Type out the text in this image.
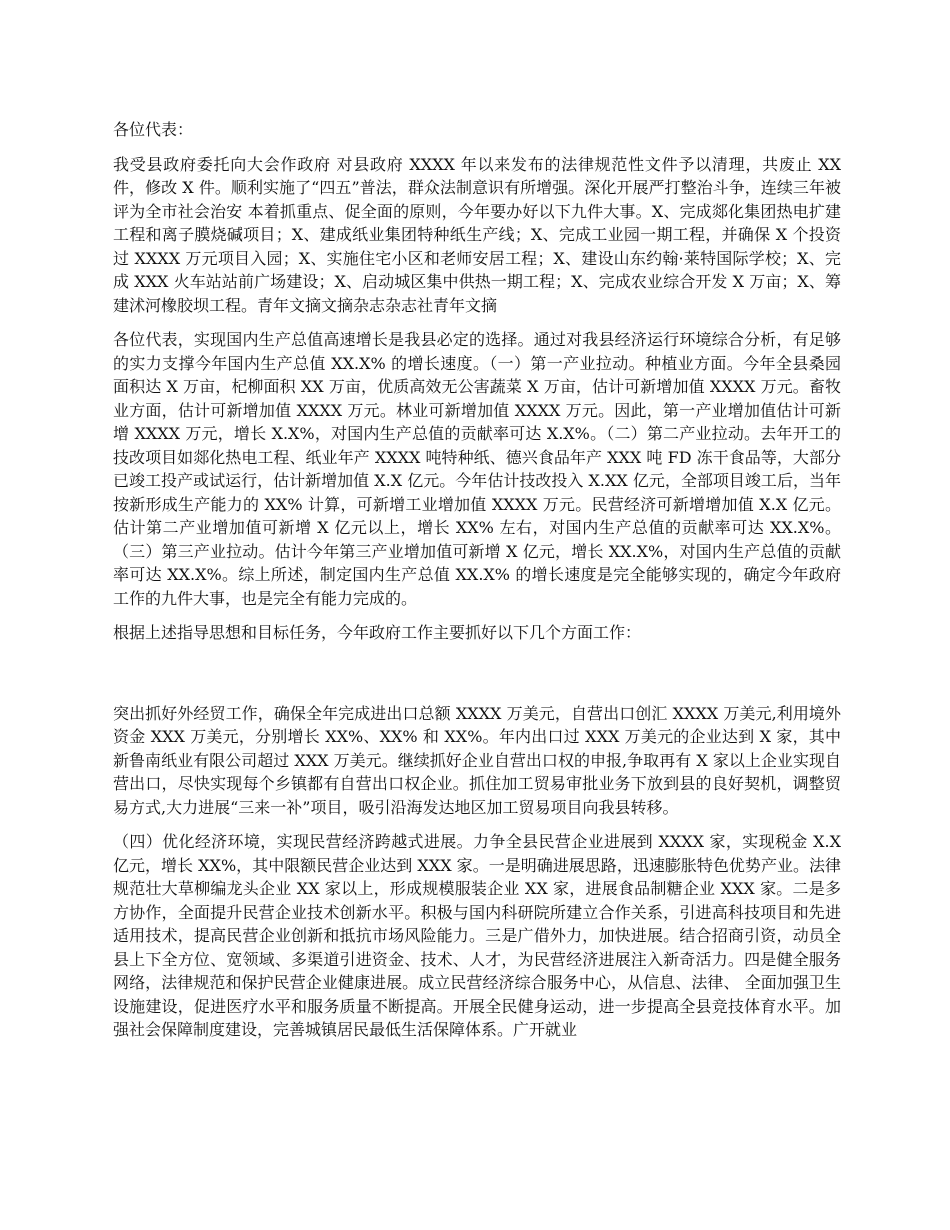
各位代表：

我受县政府委托向大会作政府 对县政府 XXXX 年以来发布的法律规范性文件予以清理，共废止 XX 件，修改 X 件。顺利实施了“四五”普法，群众法制意识有所增强。深化开展严打整治斗争，连续三年被评为全市社会治安 本着抓重点、促全面的原则，今年要办好以下九件大事。X、完成郯化集团热电扩建工程和离子膜烧碱项目；X、建成纸业集团特种纸生产线；X、完成工业园一期工程，并确保 X 个投资过 XXXX 万元项目入园；X、实施住宅小区和老师安居工程；X、建设山东约翰·莱特国际学校；X、完成 XXX 火车站站前广场建设；X、启动城区集中供热一期工程；X、完成农业综合开发 X 万亩；X、筹建沭河橡胶坝工程。青年文摘文摘杂志杂志社青年文摘

各位代表，实现国内生产总值高速增长是我县必定的选择。通过对我县经济运行环境综合分析，有足够的实力支撑今年国内生产总值 XX.X% 的增长速度。（一）第一产业拉动。种植业方面。今年全县桑园面积达 X 万亩，杞柳面积 XX 万亩，优质高效无公害蔬菜 X 万亩，估计可新增加值 XXXX 万元。畜牧业方面，估计可新增加值 XXXX 万元。林业可新增加值 XXXX 万元。因此，第一产业增加值估计可新增 XXXX 万元，增长 X.X%，对国内生产总值的贡献率可达 X.X%。（二）第二产业拉动。去年开工的技改项目如郯化热电工程、纸业年产 XXXX 吨特种纸、德兴食品年产 XXX 吨 FD 冻干食品等，大部分已竣工投产或试运行，估计新增加值 X.X 亿元。今年估计技改投入 X.XX 亿元，全部项目竣工后，当年按新形成生产能力的 XX% 计算，可新增工业增加值 XXXX 万元。民营经济可新增增加值 X.X 亿元。估计第二产业增加值可新增 X 亿元以上，增长 XX% 左右，对国内生产总值的贡献率可达 XX.X%。（三）第三产业拉动。估计今年第三产业增加值可新增 X 亿元，增长 XX.X%，对国内生产总值的贡献率可达 XX.X%。综上所述，制定国内生产总值 XX.X% 的增长速度是完全能够实现的，确定今年政府工作的九件大事，也是完全有能力完成的。

根据上述指导思想和目标任务，今年政府工作主要抓好以下几个方面工作：

突出抓好外经贸工作，确保全年完成进出口总额 XXXX 万美元，自营出口创汇 XXXX 万美元,利用境外资金 XXX 万美元，分别增长 XX%、XX% 和 XX%。年内出口过 XXX 万美元的企业达到 X 家，其中新鲁南纸业有限公司超过 XXX 万美元。继续抓好企业自营出口权的申报,争取再有 X 家以上企业实现自营出口，尽快实现每个乡镇都有自营出口权企业。抓住加工贸易审批业务下放到县的良好契机，调整贸易方式,大力进展“三来一补”项目，吸引沿海发达地区加工贸易项目向我县转移。

（四）优化经济环境，实现民营经济跨越式进展。力争全县民营企业进展到 XXXX 家，实现税金 X.X 亿元，增长 XX%，其中限额民营企业达到 XXX 家。一是明确进展思路，迅速膨胀特色优势产业。法律规范壮大草柳编龙头企业 XX 家以上，形成规模服装企业 XX 家，进展食品制糖企业 XXX 家。二是多方协作，全面提升民营企业技术创新水平。积极与国内科研院所建立合作关系，引进高科技项目和先进适用技术，提高民营企业创新和抵抗市场风险能力。三是广借外力，加快进展。结合招商引资，动员全县上下全方位、宽领域、多渠道引进资金、技术、人才，为民营经济进展注入新奇活力。四是健全服务网络，法律规范和保护民营企业健康进展。成立民营经济综合服务中心，从信息、法律、 全面加强卫生设施建设，促进医疗水平和服务质量不断提高。开展全民健身运动，进一步提高全县竞技体育水平。加强社会保障制度建设，完善城镇居民最低生活保障体系。广开就业
